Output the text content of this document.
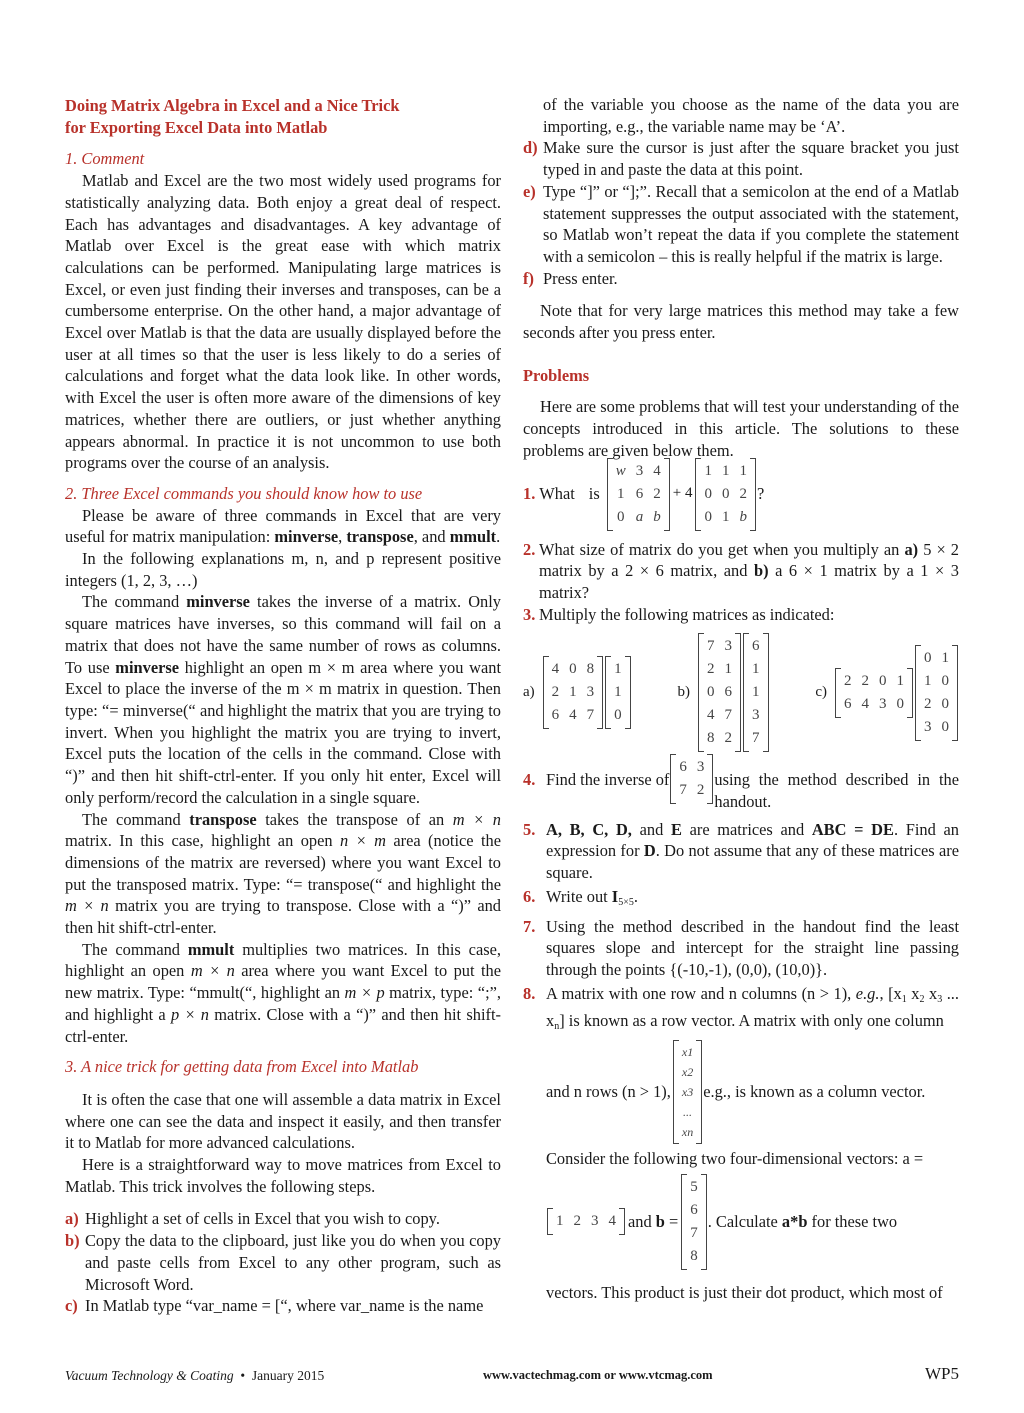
Doing Matrix Algebra in Excel and a Nice Trick
for Exporting Excel Data into Matlab

1. Comment

Matlab and Excel are the two most widely used programs for statistically analyzing data. Both enjoy a great deal of respect. Each has advantages and disadvantages. A key advantage of Matlab over Excel is the great ease with which matrix calculations can be performed. Manipulating large matrices is Excel, or even just finding their inverses and transposes, can be a cumbersome enterprise. On the other hand, a major advantage of Excel over Matlab is that the data are usually displayed before the user at all times so that the user is less likely to do a series of calculations and forget what the data look like. In other words, with Excel the user is often more aware of the dimensions of key matrices, whether there are outliers, or just whether anything appears abnormal. In practice it is not uncommon to use both programs over the course of an analysis.

2. Three Excel commands you should know how to use

Please be aware of three commands in Excel that are very useful for matrix manipulation: minverse, transpose, and mmult.

In the following explanations m, n, and p represent positive integers (1, 2, 3, …)

The command minverse takes the inverse of a matrix. Only square matrices have inverses, so this command will fail on a matrix that does not have the same number of rows as columns. To use minverse highlight an open m × m area where you want Excel to place the inverse of the m × m matrix in question. Then type: “= minverse(“ and highlight the matrix that you are trying to invert. When you highlight the matrix you are trying to invert, Excel puts the location of the cells in the command. Close with “)” and then hit shift-ctrl-enter. If you only hit enter, Excel will only perform/record the calculation in a single square.

The command transpose takes the transpose of an m × n matrix. In this case, highlight an open n × m area (notice the dimensions of the matrix are reversed) where you want Excel to put the transposed matrix. Type: “= transpose(“ and highlight the m × n matrix you are trying to transpose. Close with a “)” and then hit shift-ctrl-enter.

The command mmult multiplies two matrices. In this case, highlight an open m × n area where you want Excel to put the new matrix. Type: “mmult(“, highlight an m × p matrix, type: “;”, and highlight a p × n matrix. Close with a “)” and then hit shift-ctrl-enter.

3. A nice trick for getting data from Excel into Matlab

It is often the case that one will assemble a data matrix in Excel where one can see the data and inspect it easily, and then transfer it to Matlab for more advanced calculations.

Here is a straightforward way to move matrices from Excel to Matlab. This trick involves the following steps.

a) Highlight a set of cells in Excel that you wish to copy.
b) Copy the data to the clipboard, just like you do when you copy and paste cells from Excel to any other program, such as Microsoft Word.
c) In Matlab type “var_name = [“, where var_name is the name
of the variable you choose as the name of the data you are importing, e.g., the variable name may be ‘A’.
d) Make sure the cursor is just after the square bracket you just typed in and paste the data at this point.
e) Type “]” or “];”. Recall that a semicolon at the end of a Matlab statement suppresses the output associated with the statement, so Matlab won’t repeat the data if you complete the statement with a semicolon – this is really helpful if the matrix is large.
f) Press enter.

Note that for very large matrices this method may take a few seconds after you press enter.

Problems

Here are some problems that will test your understanding of the concepts introduced in this article. The solutions to these problems are given below them.

1. What is
w	3	4
1	6	2
0	a	b
+ 4
1	1	1
0	0	2
0	1	b
?
2. What size of matrix do you get when you multiply an a) 5 × 2 matrix by a 2 × 6 matrix, and b) a 6 × 1 matrix by a 1 × 3 matrix?
3. Multiply the following matrices as indicated:
a)
4	0	8
2	1	3
6	4	7
1
1
0
b)
7	3
2	1
0	6
4	7
8	2
6
1
1
3
7
c)
2	2	0	1
6	4	3	0
0	1
1	0
2	0
3	0
4. Find the inverse of
6	3
7	2
using the method described in the handout.
5. A, B, C, D, and E are matrices and ABC = DE. Find an expression for D. Do not assume that any of these matrices are square.
6. Write out $I_{5\times 5}$.
7. Using the method described in the handout find the least squares slope and intercept for the straight line passing through the points {(-10,-1), (0,0), (10,0)}.
8. A matrix with one row and n columns (n > 1), e.g., [$x_1$ $x_2$ $x_3$ ... $x_n$] is known as a row vector. A matrix with only one column
and n rows (n > 1),
x1
x2
x3
...
xn
e.g., is known as a column vector.

Consider the following two four-dimensional vectors: a =

1	2	3	4 and b =
5
6
7
8
. Calculate a*b for these two

vectors. This product is just their dot product, which most of

Vacuum Technology & Coating  •  January 2015	www.vactechmag.com or www.vtcmag.com	WP5
